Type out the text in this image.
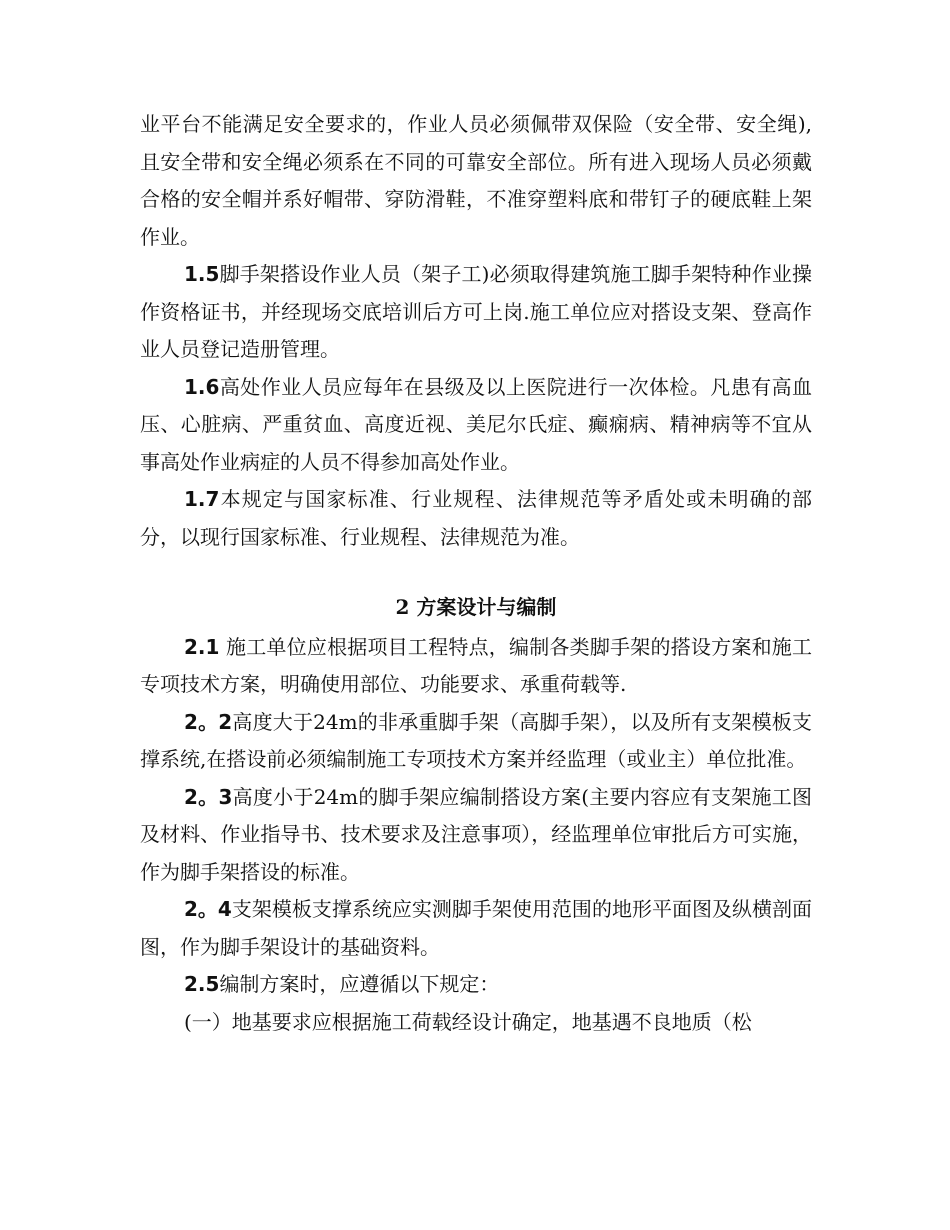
业平台不能满足安全要求的，作业人员必须佩带双保险（安全带、安全绳),且安全带和安全绳必须系在不同的可靠安全部位。所有进入现场人员必须戴合格的安全帽并系好帽带、穿防滑鞋，不准穿塑料底和带钉子的硬底鞋上架作业。

1.5脚手架搭设作业人员（架子工)必须取得建筑施工脚手架特种作业操作资格证书，并经现场交底培训后方可上岗.施工单位应对搭设支架、登高作业人员登记造册管理。

1.6高处作业人员应每年在县级及以上医院进行一次体检。凡患有高血压、心脏病、严重贫血、高度近视、美尼尔氏症、癫痫病、精神病等不宜从事高处作业病症的人员不得参加高处作业。

1.7本规定与国家标准、行业规程、法律规范等矛盾处或未明确的部分，以现行国家标准、行业规程、法律规范为准。

2 方案设计与编制

2.1 施工单位应根据项目工程特点，编制各类脚手架的搭设方案和施工专项技术方案，明确使用部位、功能要求、承重荷载等.

2。2高度大于24m的非承重脚手架（高脚手架），以及所有支架模板支撑系统,在搭设前必须编制施工专项技术方案并经监理（或业主）单位批准。

2。3高度小于24m的脚手架应编制搭设方案(主要内容应有支架施工图及材料、作业指导书、技术要求及注意事项），经监理单位审批后方可实施，作为脚手架搭设的标准。

2。4支架模板支撑系统应实测脚手架使用范围的地形平面图及纵横剖面图，作为脚手架设计的基础资料。

2.5编制方案时，应遵循以下规定：

(一）地基要求应根据施工荷载经设计确定，地基遇不良地质（松
